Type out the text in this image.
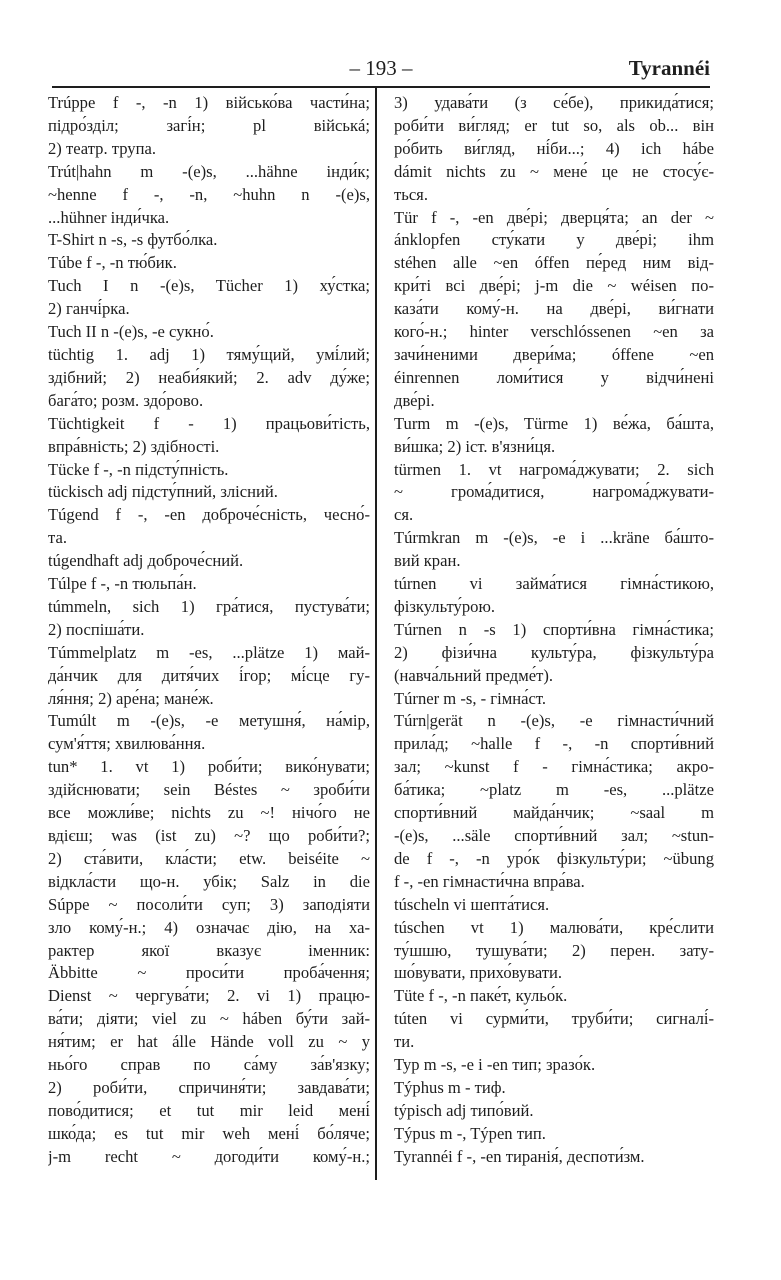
– 193 –	Tyrannéi
Trúppe f -, -n 1) військо́ва части́на;
підро́зділ; загі́н; pl військá;
2) театр. трупа.
Trút|hahn m -(e)s, ...hähne інди́к;
~henne f -, -n, ~huhn n -(e)s,
...hühner інди́чка.
T-Shirt n -s, -s футбо́лка.
Túbe f -, -n тю́бик.
Tuch I n -(e)s, Tücher 1) ху́стка;
2) ганчі́рка.
Tuch II n -(e)s, -e сукно́.
tüchtig 1. adj 1) тяму́щий, умі́лий;
здібний; 2) неаби́який; 2. adv ду́же;
бага́то; розм. здо́рово.
Tüchtigkeit f - 1) працьови́тість,
впра́вність; 2) здібності.
Tücke f -, -n підсту́пність.
tückisch adj підсту́пний, злісний.
Túgend f -, -en доброче́сність, чесно́-
та.
túgendhaft adj доброче́сний.
Túlpe f -, -n тюльпа́н.
túmmeln, sich 1) гра́тися, пустува́ти;
2) поспіша́ти.
Túmmelplatz m -es, ...plätze 1) май-
да́нчик для дитя́чих і́гор; мі́сце гу-
ля́ння; 2) аре́на; мане́ж.
Tumúlt m -(e)s, -e метушня́, на́мір,
сум'я́ття; хвилюва́ння.
tun* 1. vt 1) роби́ти; вико́нувати;
здійснювати; sein Béstes ~ зроби́ти
все можли́ве; nichts zu ~! нічо́го не
вдієш; was (ist zu) ~? що роби́ти?;
2) ста́вити, кла́сти; etw. beiséite ~
відкла́сти що-н. убік; Salz in die
Súppe ~ посоли́ти суп; 3) заподіяти
зло кому́-н.; 4) означає дію, на ха-
рактер якої вказує іменник:
Äbbitte ~ проси́ти проба́чення;
Dienst ~ чергува́ти; 2. vi 1) працю-
ва́ти; діяти; viel zu ~ háben бу́ти зай-
ня́тим; er hat álle Hände voll zu ~ у
ньо́го справ по са́му за́в'язку;
2) роби́ти, спричиня́ти; завдава́ти;
пово́дитися; et tut mir leid мені́
шко́да; es tut mir weh мені́ бо́ляче;
j-m recht ~ догоди́ти кому́-н.;
3) удава́ти (з се́бе), прикида́тися;
роби́ти ви́гляд; er tut so, als ob... він
ро́бить ви́гляд, ні́би...; 4) ich hábe
dámit nichts zu ~ мене́ це не стосу́є-
ться.
Tür f -, -en две́рі; дверця́та; an der ~
ánklopfen сту́кати у две́рі; ihm
stéhen alle ~en óffen пе́ред ним від-
кри́ті всі две́рі; j-m die ~ wéisen по-
каза́ти кому́-н. на две́рі, ви́гнати
кого́-н.; hinter verschlóssenen ~en за
зачи́неними двери́ма; óffene ~en
éinrennen ломи́тися у відчи́нені
две́рі.
Turm m -(e)s, Türme 1) ве́жа, ба́шта,
ви́шка; 2) іст. в'язни́ця.
türmen 1. vt нагрома́джувати; 2. sich
~ грома́дитися, нагрома́джувати-
ся.
Túrmkran m -(e)s, -e i ...kräne ба́што-
вий кран.
túrnen vi займа́тися гімна́стикою,
фізкульту́рою.
Túrnen n -s 1) спорти́вна гімна́стика;
2) фізи́чна культу́ра, фізкульту́ра
(навча́льний предме́т).
Túrner m -s, - гімна́ст.
Túrn|gerät n -(e)s, -e гімнасти́чний
прила́д; ~halle f -, -n спорти́вний
зал; ~kunst f - гімна́стика; акро-
ба́тика; ~platz m -es, ...plätze
спорти́вний майда́нчик; ~saal m
-(e)s, ...säle спорти́вний зал; ~stun-
de f -, -n уро́к фізкульту́ри; ~übung
f -, -en гімнасти́чна впра́ва.
túscheln vi шепта́тися.
túschen vt 1) малюва́ти, кре́слити
ту́шшю, тушува́ти; 2) перен. зату-
шо́вувати, прихо́вувати.
Tüte f -, -n паке́т, кульо́к.
túten vi сурми́ти, труби́ти; сигналі́-
ти.
Typ m -s, -e i -en тип; зразо́к.
Týphus m - тиф.
týpisch adj типо́вий.
Týpus m -, Týpen тип.
Tyrannéi f -, -en тиранія́, деспоти́зм.
